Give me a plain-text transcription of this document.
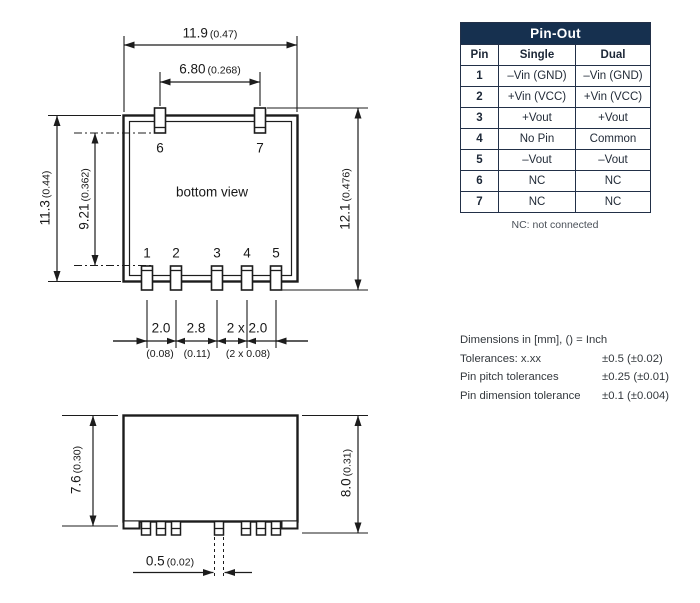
11.9 (0.47)
6.80 (0.268)
6	7
bottom view
1 2 3 4 5
11.3(0.44)
9.21(0.362)
12.1(0.476)
2.0 2.8 2 x 2.0
(0.08) (0.11) (2 x 0.08)
7.6(0.30)
8.0(0.31)
0.5 (0.02)
Pin-Out		
Pin	Single	Dual
1	–Vin (GND)	–Vin (GND)
2	+Vin (VCC)	+Vin (VCC)
3	+Vout	+Vout
4	No Pin	Common
5	–Vout	–Vout
6	NC	NC
7	NC	NC
NC: not connected
Dimensions in [mm], () = Inch
Tolerances: x.xx	±0.5 (±0.02)
Pin pitch tolerances	±0.25 (±0.01)
Pin dimension tolerance ±0.1 (±0.004)
